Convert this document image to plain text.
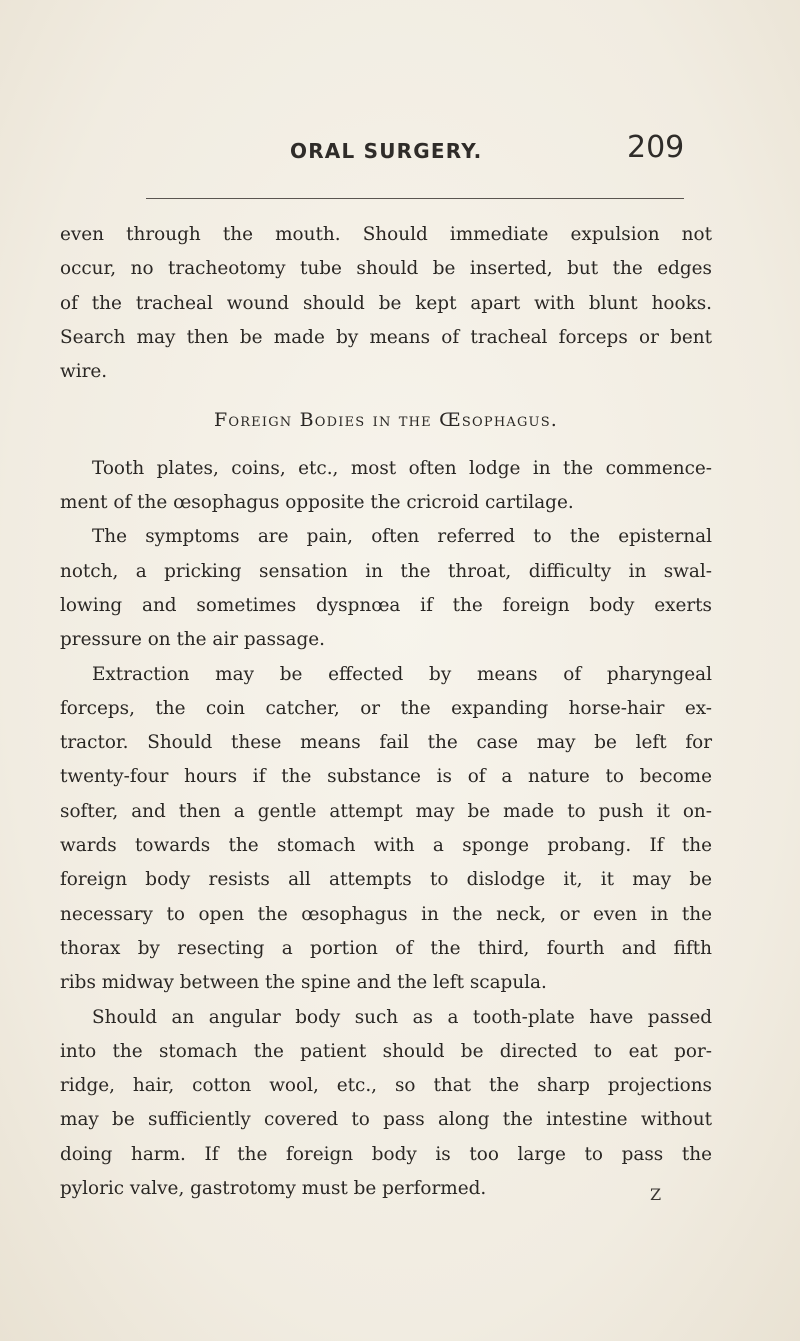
ORAL SURGERY.	209
even through the mouth. Should immediate expulsion not
occur, no tracheotomy tube should be inserted, but the edges
of the tracheal wound should be kept apart with blunt hooks.
Search may then be made by means of tracheal forceps or bent
wire.
Foreign Bodies in the Œsophagus.
Tooth plates, coins, etc., most often lodge in the commence-
ment of the œsophagus opposite the cricroid cartilage.
The symptoms are pain, often referred to the episternal
notch, a pricking sensation in the throat, difficulty in swal-
lowing and sometimes dyspnœa if the foreign body exerts
pressure on the air passage.
Extraction may be effected by means of pharyngeal
forceps, the coin catcher, or the expanding horse-hair ex-
tractor. Should these means fail the case may be left for
twenty-four hours if the substance is of a nature to become
softer, and then a gentle attempt may be made to push it on-
wards towards the stomach with a sponge probang. If the
foreign body resists all attempts to dislodge it, it may be
necessary to open the œsophagus in the neck, or even in the
thorax by resecting a portion of the third, fourth and fifth
ribs midway between the spine and the left scapula.
Should an angular body such as a tooth-plate have passed
into the stomach the patient should be directed to eat por-
ridge, hair, cotton wool, etc., so that the sharp projections
may be sufficiently covered to pass along the intestine without
doing harm. If the foreign body is too large to pass the
pyloric valve, gastrotomy must be performed.	Z
